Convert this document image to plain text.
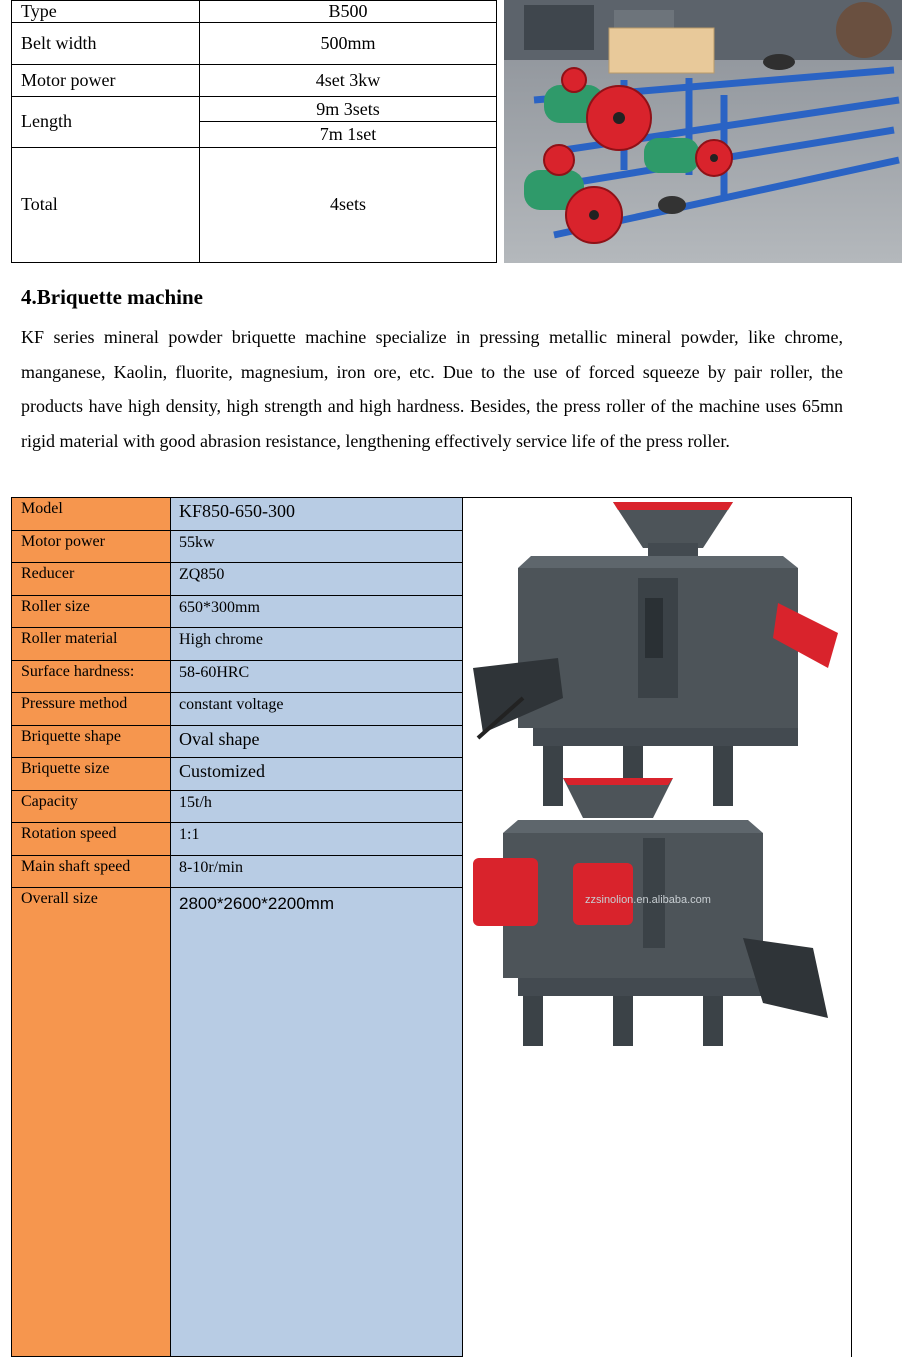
Type	B500
Belt width	500mm
Motor power	4set 3kw
Length	9m 3sets
	7m 1set
Total	4sets
4.Briquette machine

KF series mineral powder briquette machine specialize in pressing metallic mineral powder, like chrome, manganese, Kaolin, fluorite, magnesium, iron ore, etc. Due to the use of forced squeeze by pair roller, the products have high density, high strength and high hardness. Besides, the press roller of the machine uses 65mn rigid material with good abrasion resistance, lengthening effectively service life of the press roller.

Model	KF850-650-300	zzsinolion.en.alibaba.com

Motor power	55kw	
Reducer	ZQ850	
Roller size	650*300mm	
Roller material	High chrome	
Surface hardness:	58-60HRC	
Pressure method	constant voltage	
Briquette shape	Oval shape	
Briquette size	Customized	
Capacity	15t/h	
Rotation speed	1:1	
Main shaft speed	8-10r/min	
Overall size	2800*2600*2200mm	
